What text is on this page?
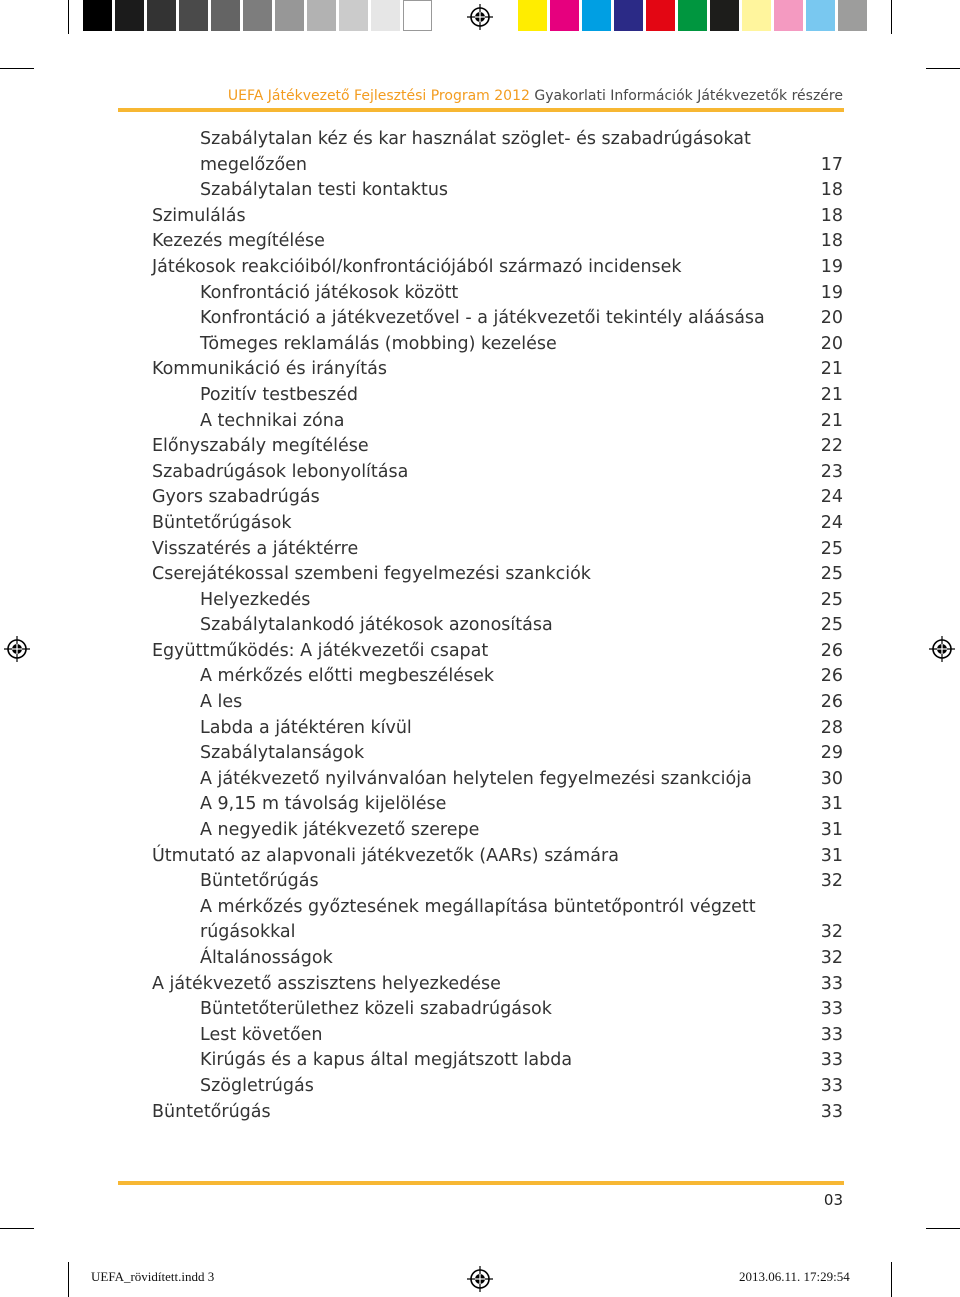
UEFA Játékvezető Fejlesztési Program 2012 Gyakorlati Információk Játékvezetők részére
Szabálytalan kéz és kar használat szöglet- és szabadrúgásokat
megelőzően	17
Szabálytalan testi kontaktus	18
Szimulálás	18
Kezezés megítélése	18
Játékosok reakcióiból/konfrontációjából származó incidensek	19
Konfrontáció játékosok között	19
Konfrontáció a játékvezetővel - a játékvezetői tekintély aláásása	20
Tömeges reklamálás (mobbing) kezelése	20
Kommunikáció és irányítás	21
Pozitív testbeszéd	21
A technikai zóna	21
Előnyszabály megítélése	22
Szabadrúgások lebonyolítása	23
Gyors szabadrúgás	24
Büntetőrúgások	24
Visszatérés a játéktérre	25
Cserejátékossal szembeni fegyelmezési szankciók	25
Helyezkedés	25
Szabálytalankodó játékosok azonosítása	25
Együttműködés: A játékvezetői csapat	26
A mérkőzés előtti megbeszélések	26
A les	26
Labda a játéktéren kívül	28
Szabálytalanságok	29
A játékvezető nyilvánvalóan helytelen fegyelmezési szankciója	30
A 9,15 m távolság kijelölése	31
A negyedik játékvezető szerepe	31
Útmutató az alapvonali játékvezetők (AARs) számára	31
Büntetőrúgás	32
A mérkőzés győztesének megállapítása büntetőpontról végzett
rúgásokkal	32
Általánosságok	32
A játékvezető asszisztens helyezkedése	33
Büntetőterülethez közeli szabadrúgások	33
Lest követően	33
Kirúgás és a kapus által megjátszott labda	33
Szögletrúgás	33
Büntetőrúgás	33
03
UEFA_rövidített.indd 3	2013.06.11. 17:29:54
